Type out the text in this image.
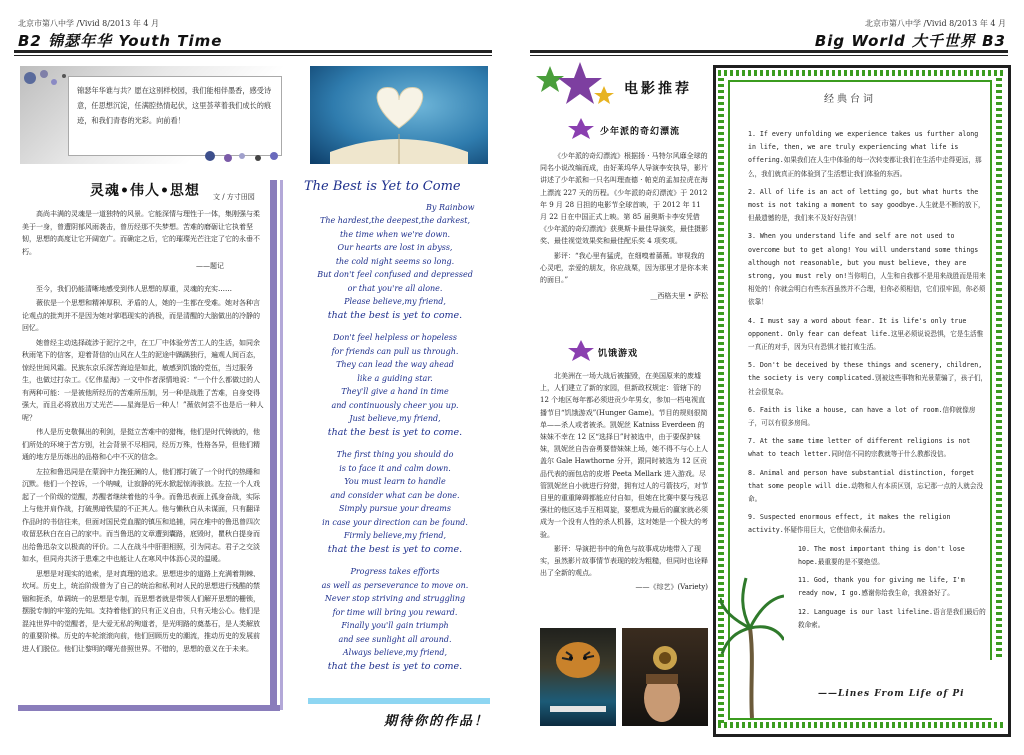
北京市第八中学 /Vivid 8/2013 年 4 月	北京市第八中学 /Vivid 8/2013 年 4 月
B2 锦瑟年华 Youth Time	Big World 大千世界 B3
锦瑟年华谁与共？愿在这别样校园，我们能相伴墨香，感受诗意，任思想沉淀，任满腔热情起伏，这里荟萃着我们成长的痕迹，和我们青春的光彩。向前看！
灵魂•伟人•思想 文 / 方寸田园

高尚丰满的灵魂是一道独特的风景。它能深情与理性于一体，集刚强与柔美于一身，曾遭阴郁风雨袭击，曾历经那不失梦想。苦难的磨砺让它执着坚韧，思想的高度让它开阔宽广。而确定之后，它的璀璨光芒注定了它的永垂不朽。

——题记

至今，我们仍能清晰地感受到伟人思想的厚重，灵魂的充实……

薇依是一个思想和精神厚积、矛盾的人，她的一生都在受难。她对各种言论观点的批判并不是因为她对掌唱现实的消极，而是清醒的大脑做出的冷静的回忆。

她曾经主动选择疏涉于泥泞之中，在工厂中体验劳苦工人的生活，如同余秋雨笔下的信客，迎着背信的山风在人生的泥途中踽踽独行，遍观人间百态，惊经世间风霜。民族东京乐深苦海迫是如此，敏感到饥饿的党伍，当过服务生，也做过打杂工。《忆伟星海》一文中作者深情地说：“一个什么都做过的人有两种可能：一是被他所经历的苦难所压制，另一种是战胜了苦难，自身变得强大，而且必将放出万丈光芒——星海是后一种人！”薇依何尝不也是后一种人呢？

伟人是历史敬佩出的利剑，是挺立苦难中的猎梅，他们是时代铸就的，他们所处的环境于苦方别，社会背景不尽相同，经历万殊，性格各异，但他们精通的地方是历练出的品格和心中不灭的信念。

左拉和鲁迅同是在蒙润中力挽狂澜的人，他们都打破了一个时代的热睡和沉默。他们一个控诉，一个呐喊，让寂静的死水掀起惊涛骇浪。左拉一个人戏起了一个阶级的觉醒，苏醒者继续着他的斗争。而鲁迅表面上孤身奋战，实际上与他并肩作战，打破黑暗铁屋的不正其人。他与懒秋白从未谋面，只有翻译作品时的书信往来，但面对国民党血腥的镇压和追捕，同在堆中的鲁迅曾四次收留恶秋白在自己的家中。而当鲁迅的文章遭到囊路，底毁时，瞿秋白提身而出给鲁迅杂文以极高的评价。二人在战斗中肝胆相照，引为同志。君子之交淡如水，但同舟共济于患难之中也能让人在寒风中体沥心灵的温暖。

思想是对现实的追索，是对真理的追求。思想进步的道路上充满着荆棘、坎坷。历史上，统治阶级曾为了自己的统治和私利对人民的思想进行残酷的禁锢和扼杀，单调统一的思想是专制，而思想者就是带领人们解开思想的栅锁，摆脱专制的牢笼的先知。支持着他们的只有正义自由，只有天地公心。他们是混沌世界中的觉醒者，是大爱无私的殉道者，是光明路的奠基石，是人类解放的重要阶梯。历史的车轮滚滚向前，他们回顾历史的潮流，推动历史的发展前进人们脱位。他们让黎明的曙光普照世界。不错的，思想的意义在于未来。

The Best is Yet to Come
By Rainbow
The hardest,the deepest,the darkest,
the time when we're down.
Our hearts are lost in abyss,
the cold night seems so long.
But don't feel confused and depressed
or that you're all alone.
Please believe,my friend,
that the best is yet to come.
Don't feel helpless or hopeless
for friends can pull us through.
They can lead the way ahead
like a guiding star.
They'll give a hand in time
and continuously cheer you up.
Just believe,my friend,
that the best is yet to come.
The first thing you should do
is to face it and calm down.
You must learn to handle
and consider what can be done.
Simply pursue your dreams
in case your direction can be found.
Firmly believe,my friend,
that the best is yet to come.
Progress takes efforts
as well as perseverance to move on.
Never stop striving and struggling
for time will bring you reward.
Finally you'll gain triumph
and see sunlight all around.
Always believe,my friend,
that the best is yet to come.
期待你的作品！
电影推荐
少年派的奇幻漂流

《少年派的奇幻漂流》根据扬 · 马特尔风靡全球的同名小说改编而成，由好莱坞华人导演李安执导，影片讲述了少年派和一只名叫理查德 · 帕克的孟加拉虎在海上漂流 227 天的历程。《少年派的奇幻漂流》于 2012 年 9 月 28 日担的电影节全球首映，于 2012 年 11 月 22 日在中国正式上映。第 85 届奥斯卡李安凭借《少年派的奇幻漂流》获奥斯卡最佳导演奖，最佳摄影奖、最佳视觉效果奖和最佳配乐奖 4 项奖项。

影评：“我心里有猛虎，在细嗅着蔷薇。审视我的心灵吧，亲爱的朋友，你应战栗，因为那里才是你本来的面目。”

__西格夫里 • 萨松
饥饿游戏

北美洲在一场大战后被摧毁，在美国原来的废墟上，人们建立了新的家园，但新政权规定：管辖下的 12 个地区每年都必须进贡少年男女，参加一档电视直播节目“饥饿游戏”(Hunger Game)。节目的规则很简单——杀人或者被杀。凯妮丝 Katniss Everdeen 的妹妹不幸在 12 区“选择日”时被选中，由于要保护妹妹，凯妮丝自告奋勇要替妹妹上场，她不得不与心上人盖尔 Gale Hawthorne 分开，跟同时被选为 12 区贡品代表的面包店的皮塔 Peeta Mellark 进入游戏。尽管凯妮丝自小就进行狩猎，拥有过人的弓箭技巧，对节目里的重重障碍都能应付自如，但她在比赛中要与残忍强壮的他区选手互相周旋，要想成为最后的赢家就必须成为一个没有人性的杀人机器，这对她是一个极大的考验。

影评：导演把书中的角色与故事成功地带入了现实，虽然影片故事情节表现的较为粗糙，但同时也诠释出了全新的观点。

——《综艺》(Variety)
经典台词

1. If every unfolding we experience takes us further along in life, then, we are truly experiencing what life is offering.如果我们在人生中体验的每一次转变都让我们在生活中走得更远，那么，我们就真正的体验到了生活想让我们体验的东西。

2. All of life is an act of letting go, but what hurts the most is not taking a moment to say goodbye.人生就是不断的放下，但最遗憾的是，我们来不及好好告别！

3. When you understand life and self are not used to overcome but to get along! You will understand some things although not reasonable, but you must believe, they are strong, you must rely on!当你明白，人生和自我都不是用来战胜而是用来相处的！你就会明白有些东西虽然并不合理，但你必须相信，它们很牢固，你必须依靠！

4. I must say a word about fear. It is life's only true opponent. Only fear can defeat life.这里必须说说恐惧，它是生活惟一真正的对手，因为只有恐惧才能打败生活。

5. Don't be deceived by these things and scenery, children, the society is very complicated.别被这些事物和光景蒙骗了，孩子们，社会很复杂。

6. Faith is like a house, can have a lot of room.信仰就像房子，可以有很多房间。

7. At the same time letter of different religions is not what to teach letter.同时信不同的宗教就等于什么教都没信。

8. Animal and person have substantial distinction, forget that some people will die.动物和人有本质区别，忘记那一点的人就会没命。

9. Suspected enormous effect, it makes the religion activity.怀疑作用巨大，它使信仰永葆活力。

10. The most important thing is don't lose hope.最重要的是不要绝望。

11. God, thank you for giving me life, I'm ready now, I go.感谢你给我生命，我准备好了。

12. Language is our last lifeline.语言是我们最后的救命索。

——Lines From Life of Pi
